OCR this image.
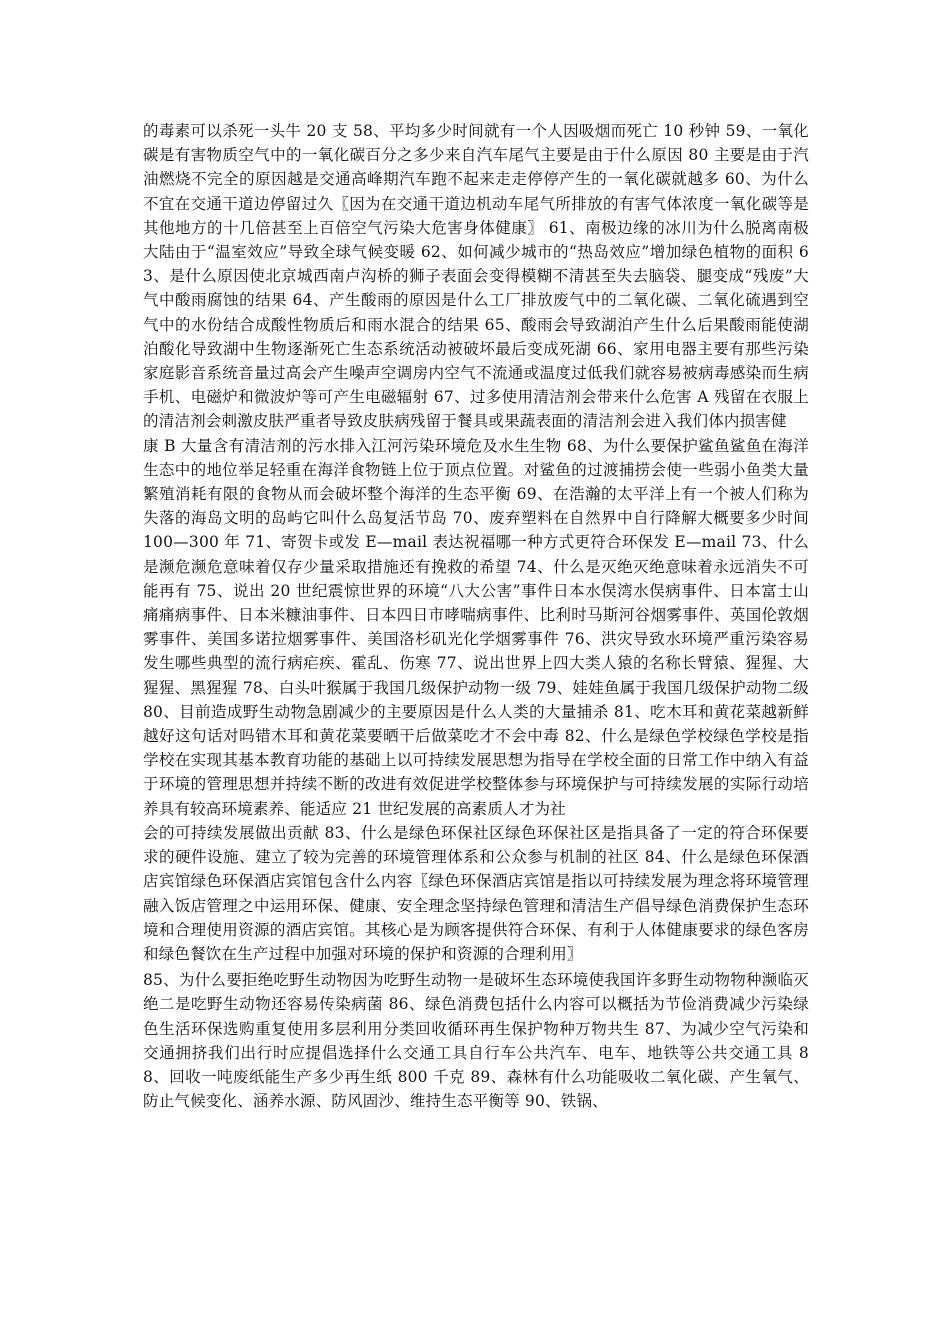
的毒素可以杀死一头牛 20 支 58、平均多少时间就有一个人因吸烟而死亡 10 秒钟 59、一氧化碳是有害物质空气中的一氧化碳百分之多少来自汽车尾气主要是由于什么原因 80 主要是由于汽油燃烧不完全的原因越是交通高峰期汽车跑不起来走走停停产生的一氧化碳就越多 60、为什么不宜在交通干道边停留过久〖因为在交通干道边机动车尾气所排放的有害气体浓度一氧化碳等是其他地方的十几倍甚至上百倍空气污染大危害身体健康〗 61、南极边缘的冰川为什么脱离南极大陆由于“温室效应”导致全球气候变暖 62、如何减少城市的“热岛效应”增加绿色植物的面积 63、是什么原因使北京城西南卢沟桥的狮子表面会变得模糊不清甚至失去脑袋、腿变成“残废”大气中酸雨腐蚀的结果 64、产生酸雨的原因是什么工厂排放废气中的二氧化碳、二氧化硫遇到空气中的水份结合成酸性物质后和雨水混合的结果 65、酸雨会导致湖泊产生什么后果酸雨能使湖泊酸化导致湖中生物逐渐死亡生态系统活动被破坏最后变成死湖 66、家用电器主要有那些污染家庭影音系统音量过高会产生噪声空调房内空气不流通或温度过低我们就容易被病毒感染而生病手机、电磁炉和微波炉等可产生电磁辐射 67、过多使用清洁剂会带来什么危害 A 残留在衣服上的清洁剂会刺激皮肤严重者导致皮肤病残留于餐具或果蔬表面的清洁剂会进入我们体内损害健

康 B 大量含有清洁剂的污水排入江河污染环境危及水生生物 68、为什么要保护鲨鱼鲨鱼在海洋生态中的地位举足轻重在海洋食物链上位于顶点位置。对鲨鱼的过渡捕捞会使一些弱小鱼类大量繁殖消耗有限的食物从而会破坏整个海洋的生态平衡 69、在浩瀚的太平洋上有一个被人们称为失落的海岛文明的岛屿它叫什么岛复活节岛 70、废弃塑料在自然界中自行降解大概要多少时间 100—300 年 71、寄贺卡或发 E—mail 表达祝福哪一种方式更符合环保发 E—mail 73、什么是濒危濒危意味着仅存少量采取措施还有挽救的希望 74、什么是灭绝灭绝意味着永远消失不可能再有 75、说出 20 世纪震惊世界的环境“八大公害”事件日本水俣湾水俣病事件、日本富士山痛痛病事件、日本米糠油事件、日本四日市哮喘病事件、比利时马斯河谷烟雾事件、英国伦敦烟雾事件、美国多诺拉烟雾事件、美国洛杉矶光化学烟雾事件 76、洪灾导致水环境严重污染容易发生哪些典型的流行病疟疾、霍乱、伤寒 77、说出世界上四大类人猿的名称长臂猿、猩猩、大猩猩、黑猩猩 78、白头叶猴属于我国几级保护动物一级 79、娃娃鱼属于我国几级保护动物二级 80、目前造成野生动物急剧减少的主要原因是什么人类的大量捕杀 81、吃木耳和黄花菜越新鲜越好这句话对吗错木耳和黄花菜要晒干后做菜吃才不会中毒 82、什么是绿色学校绿色学校是指学校在实现其基本教育功能的基础上以可持续发展思想为指导在学校全面的日常工作中纳入有益于环境的管理思想并持续不断的改进有效促进学校整体参与环境保护与可持续发展的实际行动培养具有较高环境素养、能适应 21 世纪发展的高素质人才为社

会的可持续发展做出贡献 83、什么是绿色环保社区绿色环保社区是指具备了一定的符合环保要求的硬件设施、建立了较为完善的环境管理体系和公众参与机制的社区 84、什么是绿色环保酒店宾馆绿色环保酒店宾馆包含什么内容〖绿色环保酒店宾馆是指以可持续发展为理念将环境管理融入饭店管理之中运用环保、健康、安全理念坚持绿色管理和清洁生产倡导绿色消费保护生态环境和合理使用资源的酒店宾馆。其核心是为顾客提供符合环保、有利于人体健康要求的绿色客房和绿色餐饮在生产过程中加强对环境的保护和资源的合理利用〗

85、为什么要拒绝吃野生动物因为吃野生动物一是破坏生态环境使我国许多野生动物物种濒临灭绝二是吃野生动物还容易传染病菌 86、绿色消费包括什么内容可以概括为节俭消费减少污染绿色生活环保选购重复使用多层利用分类回收循环再生保护物种万物共生 87、为减少空气污染和交通拥挤我们出行时应提倡选择什么交通工具自行车公共汽车、电车、地铁等公共交通工具 88、回收一吨废纸能生产多少再生纸 800 千克 89、森林有什么功能吸收二氧化碳、产生氧气、防止气候变化、涵养水源、防风固沙、维持生态平衡等 90、铁锅、
